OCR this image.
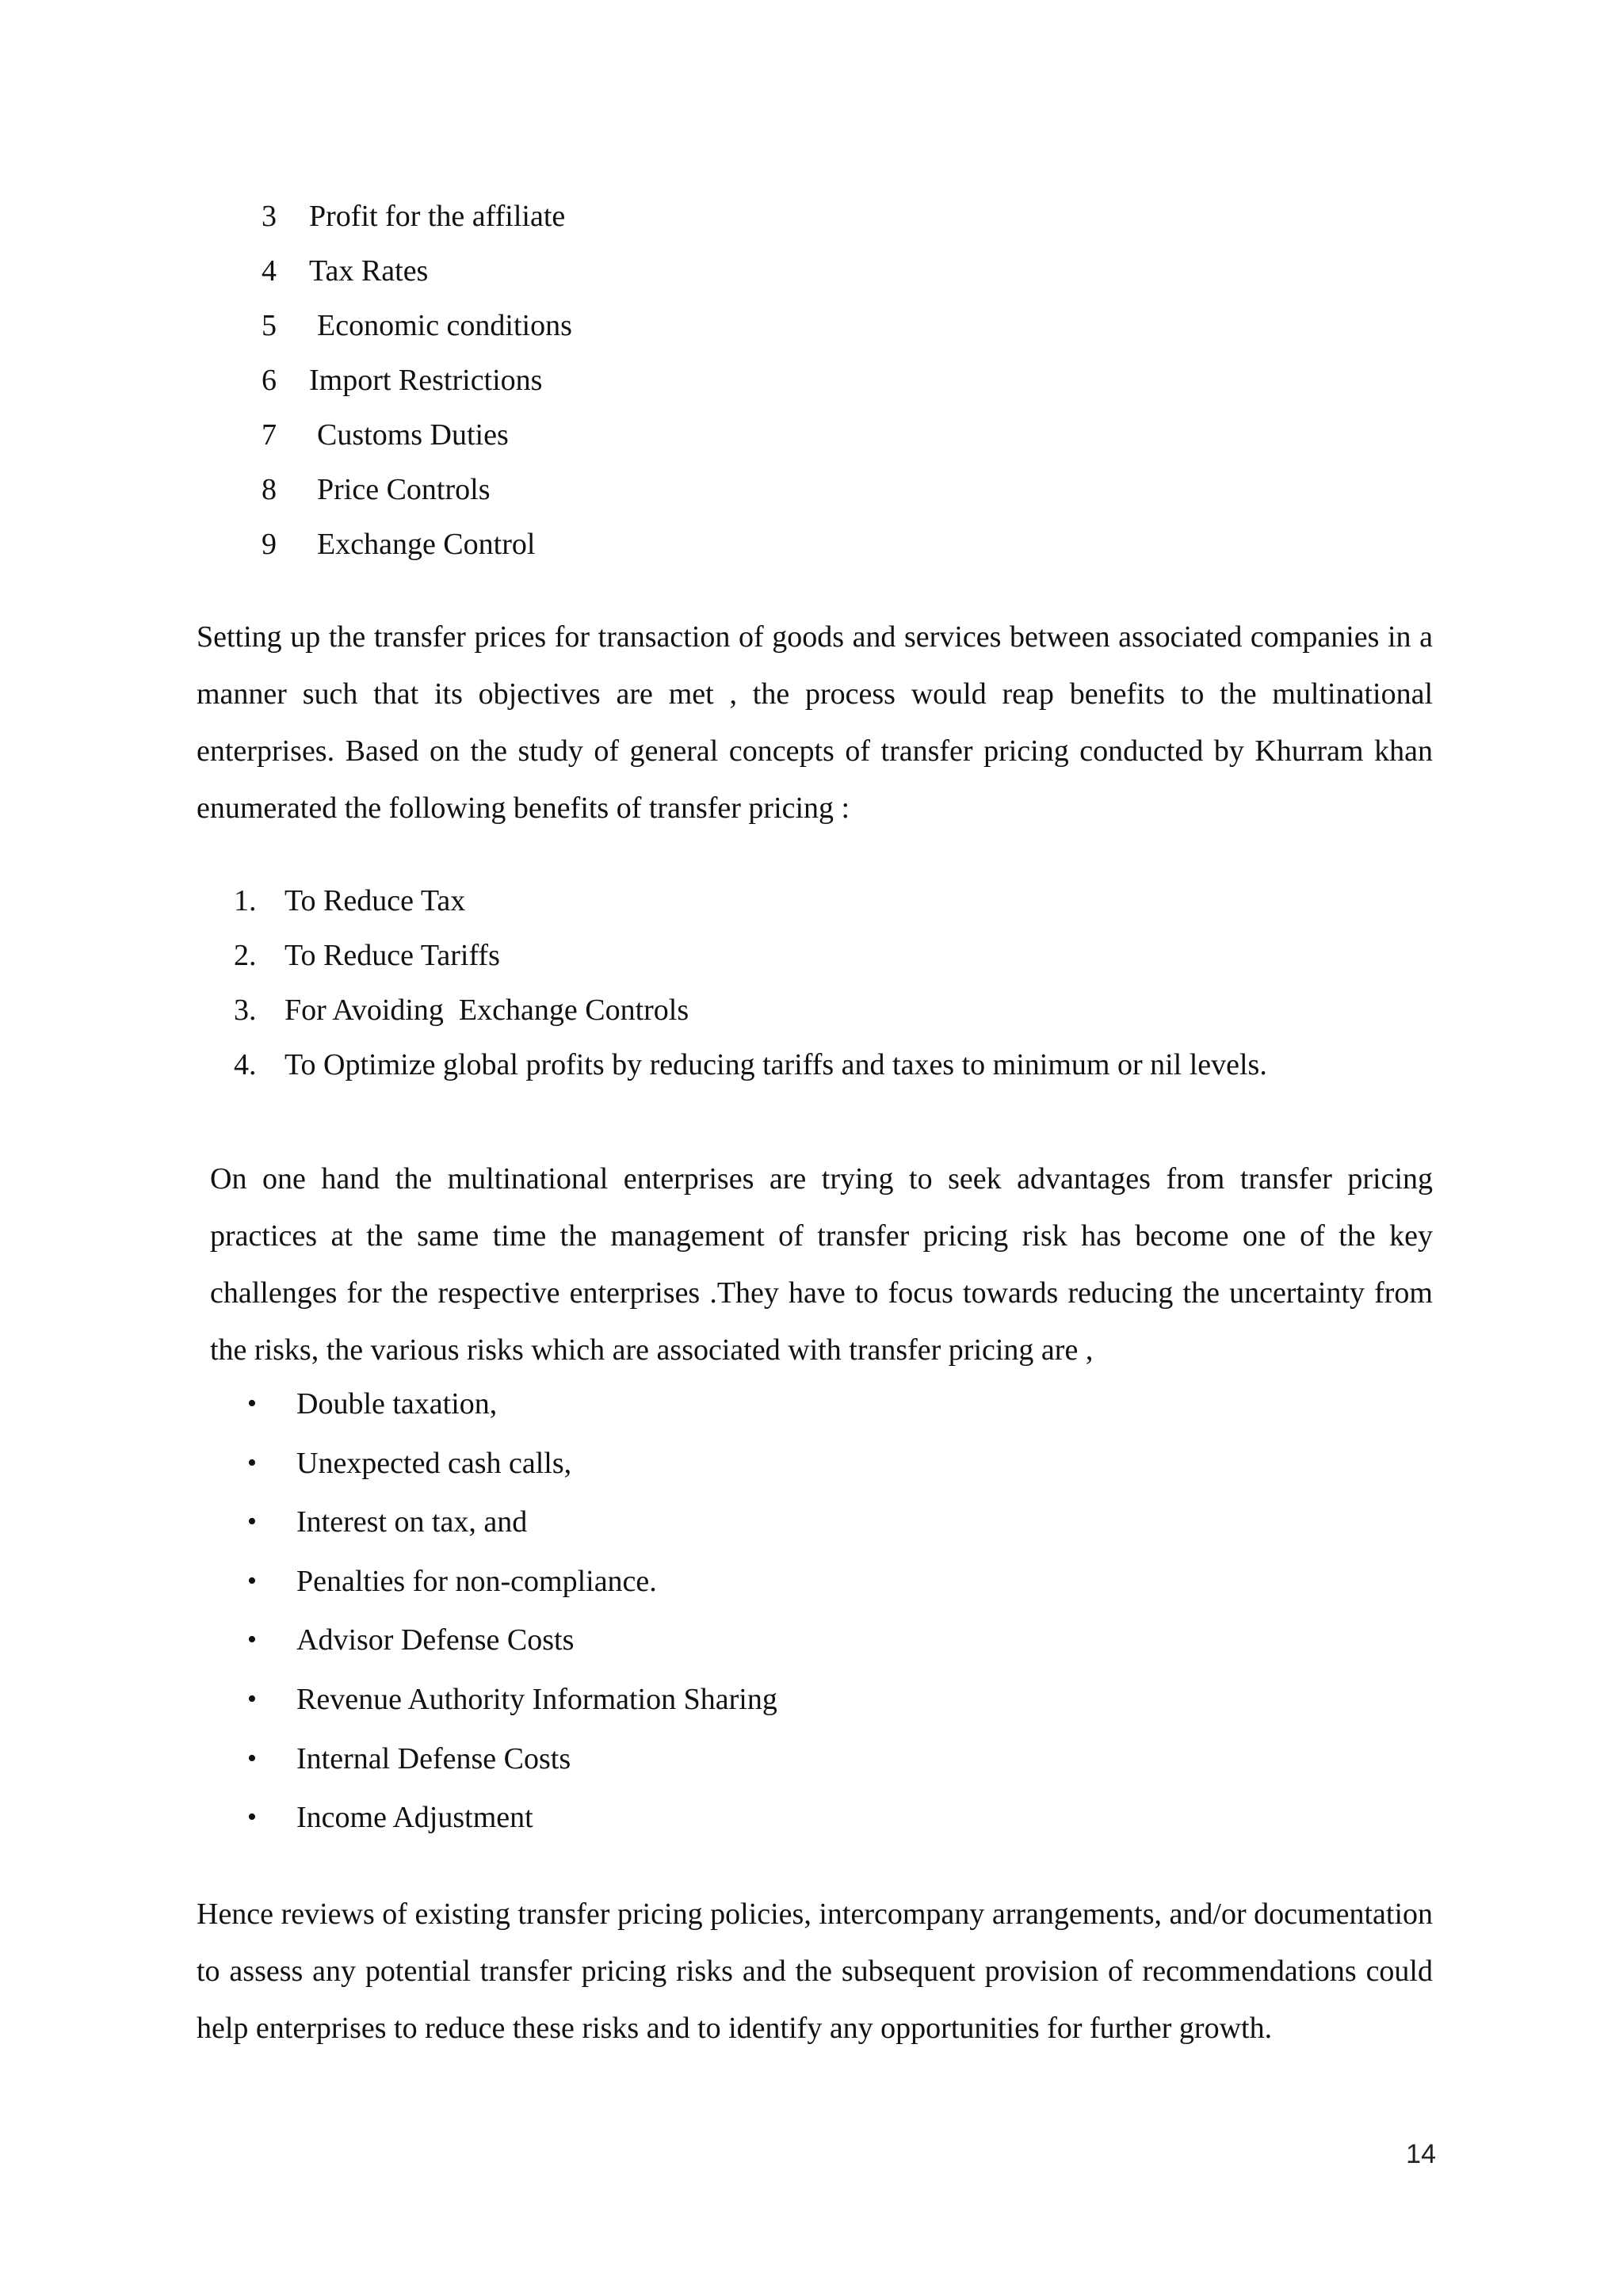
3	Profit for the affiliate
4	Tax Rates
5	Economic conditions
6	Import Restrictions
7	Customs Duties
8	Price Controls
9	Exchange Control

Setting up the transfer prices for transaction of goods and services between associated companies in a manner such that its objectives are met , the process would reap benefits to the multinational enterprises. Based on the study of general concepts of transfer pricing conducted by Khurram khan enumerated the following benefits of transfer pricing :

1. To Reduce Tax
2. To Reduce Tariffs
3. For Avoiding  Exchange Controls
4. To Optimize global profits by reducing tariffs and taxes to minimum or nil levels.

On one hand the multinational enterprises are trying to seek advantages from transfer pricing practices at the same time the management of transfer pricing risk has become one of the key challenges for the respective enterprises .They have to focus towards reducing the uncertainty from the risks, the various risks which are associated with transfer pricing are ,

•	Double taxation,
•	Unexpected cash calls,
•	Interest on tax, and
•	Penalties for non-compliance.
•	Advisor Defense Costs
•	Revenue Authority Information Sharing
•	Internal Defense Costs
•	Income Adjustment

Hence reviews of existing transfer pricing policies, intercompany arrangements, and/or documentation to assess any potential transfer pricing risks and the subsequent provision of recommendations could help enterprises to reduce these risks and to identify any opportunities for further growth.

14
